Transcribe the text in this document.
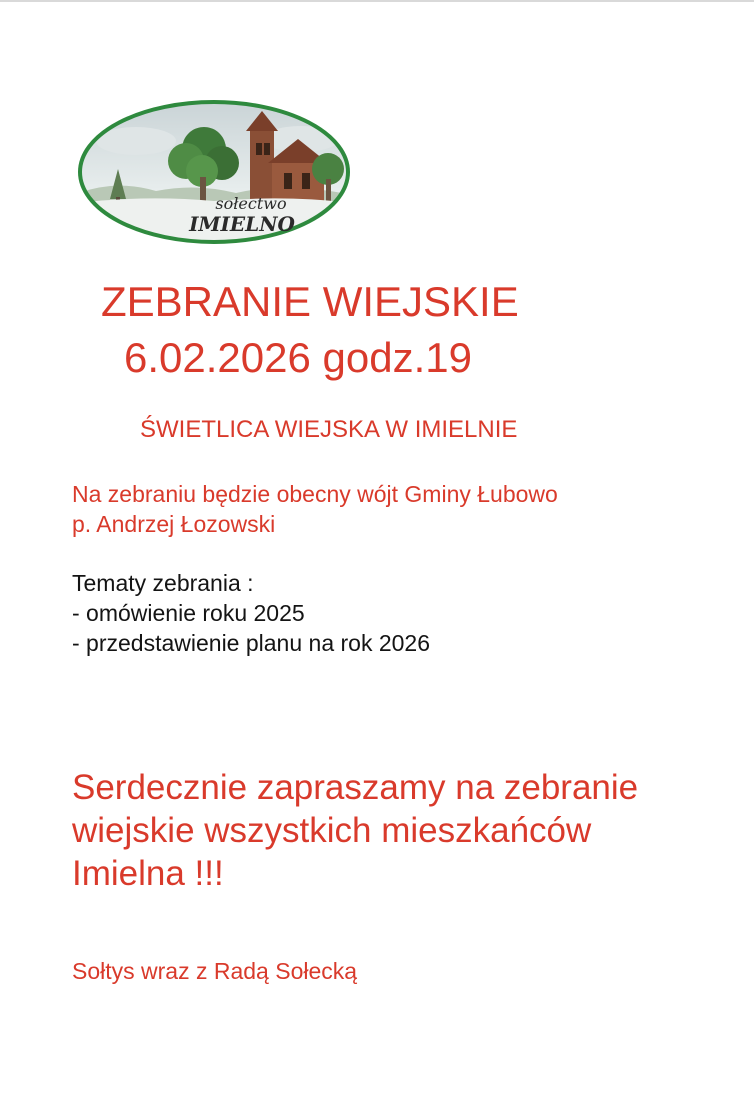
sołectwo
IMIELNO

ZEBRANIE WIEJSKIE

6.02.2026 godz.19

ŚWIETLICA WIEJSKA W IMIELNIE

Na zebraniu będzie obecny wójt Gminy Łubowo
p. Andrzej Łozowski
Tematy zebrania :
- omówienie roku 2025
- przedstawienie planu na rok 2026
Serdecznie zapraszamy na zebranie
wiejskie wszystkich mieszkańców
Imielna !!!

Sołtys wraz z Radą Sołecką
